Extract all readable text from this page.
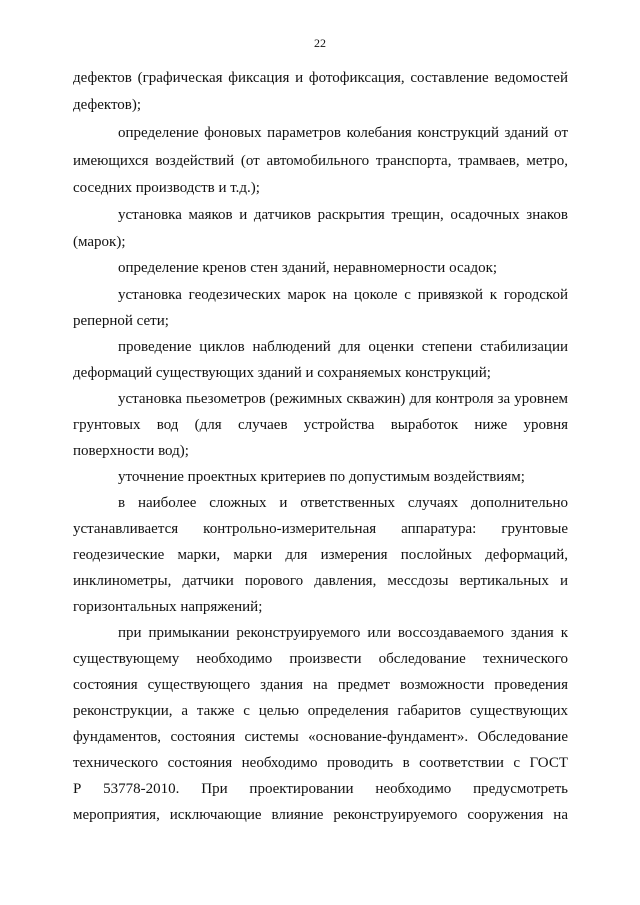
22
дефектов (графическая фиксация и фотофиксация, составление ведомостей
дефектов);
определение фоновых параметров колебания конструкций зданий от
имеющихся воздействий (от автомобильного транспорта, трамваев, метро,
соседних производств и т.д.);
установка маяков и датчиков раскрытия трещин, осадочных знаков
(марок);
определение кренов стен зданий, неравномерности осадок;
установка геодезических марок на цоколе с привязкой к городской
реперной сети;
проведение циклов наблюдений для оценки степени стабилизации
деформаций существующих зданий и сохраняемых конструкций;
установка пьезометров (режимных скважин) для контроля за уровнем
грунтовых вод (для случаев устройства выработок ниже уровня
поверхности вод);
уточнение проектных критериев по допустимым воздействиям;
в наиболее сложных и ответственных случаях дополнительно
устанавливается контрольно-измерительная аппаратура: грунтовые
геодезические марки, марки для измерения послойных деформаций,
инклинометры, датчики порового давления, мессдозы вертикальных и
горизонтальных напряжений;
при примыкании реконструируемого или воссоздаваемого здания к
существующему необходимо произвести обследование технического
состояния существующего здания на предмет возможности проведения
реконструкции, а также с целью определения габаритов существующих
фундаментов, состояния системы «основание-фундамент». Обследование
технического состояния необходимо проводить в соответствии с ГОСТ
Р 53778-2010. При проектировании необходимо предусмотреть
мероприятия, исключающие влияние реконструируемого сооружения на
